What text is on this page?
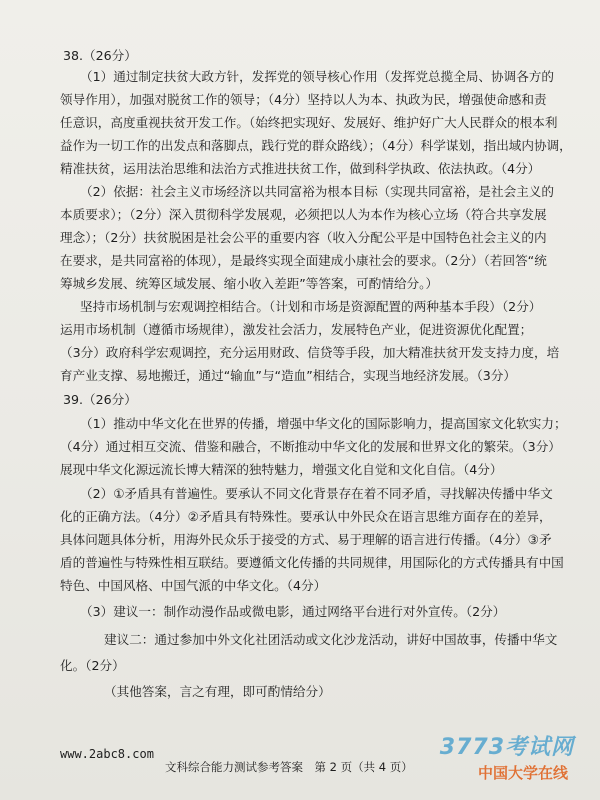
38.（26分）
（1）通过制定扶贫大政方针，发挥党的领导核心作用（发挥党总揽全局、协调各方的
领导作用），加强对脱贫工作的领导；（4分）坚持以人为本、执政为民，增强使命感和责
任意识，高度重视扶贫开发工作。（始终把实现好、发展好、维护好广大人民群众的根本利
益作为一切工作的出发点和落脚点，践行党的群众路线）；（4分）科学谋划，指出域内协调，
精准扶贫，运用法治思维和法治方式推进扶贫工作，做到科学执政、依法执政。（4分）
（2）依据：社会主义市场经济以共同富裕为根本目标（实现共同富裕，是社会主义的
本质要求）；（2分）深入贯彻科学发展观，必须把以人为本作为核心立场（符合共享发展
理念）；（2分）扶贫脱困是社会公平的重要内容（收入分配公平是中国特色社会主义的内
在要求，是共同富裕的体现），是最终实现全面建成小康社会的要求。（2分）（若回答“统
筹城乡发展、统筹区域发展、缩小收入差距”等答案，可酌情给分。）
坚持市场机制与宏观调控相结合。（计划和市场是资源配置的两种基本手段）（2分）
运用市场机制（遵循市场规律），激发社会活力，发展特色产业，促进资源优化配置；
（3分）政府科学宏观调控，充分运用财政、信贷等手段，加大精准扶贫开发支持力度，培
育产业支撑、易地搬迁，通过“输血”与“造血”相结合，实现当地经济发展。（3分）
39.（26分）
（1）推动中华文化在世界的传播，增强中华文化的国际影响力，提高国家文化软实力；
（4分）通过相互交流、借鉴和融合，不断推动中华文化的发展和世界文化的繁荣。（3分）
展现中华文化源远流长博大精深的独特魅力，增强文化自觉和文化自信。（4分）
（2）①矛盾具有普遍性。要承认不同文化背景存在着不同矛盾，寻找解决传播中华文
化的正确方法。（4分）②矛盾具有特殊性。要承认中外民众在语言思维方面存在的差异，
具体问题具体分析，用海外民众乐于接受的方式、易于理解的语言进行传播。（4分）③矛
盾的普遍性与特殊性相互联结。要遵循文化传播的共同规律，用国际化的方式传播具有中国
特色、中国风格、中国气派的中华文化。（4分）
（3）建议一：制作动漫作品或微电影，通过网络平台进行对外宣传。（2分）
建议二：通过参加中外文化社团活动或文化沙龙活动，讲好中国故事，传播中华文
化。（2分）
（其他答案，言之有理，即可酌情给分）
www.2abc8.com
文科综合能力测试参考答案　第 2 页（共 4 页）
3773考试网
中国大学在线
